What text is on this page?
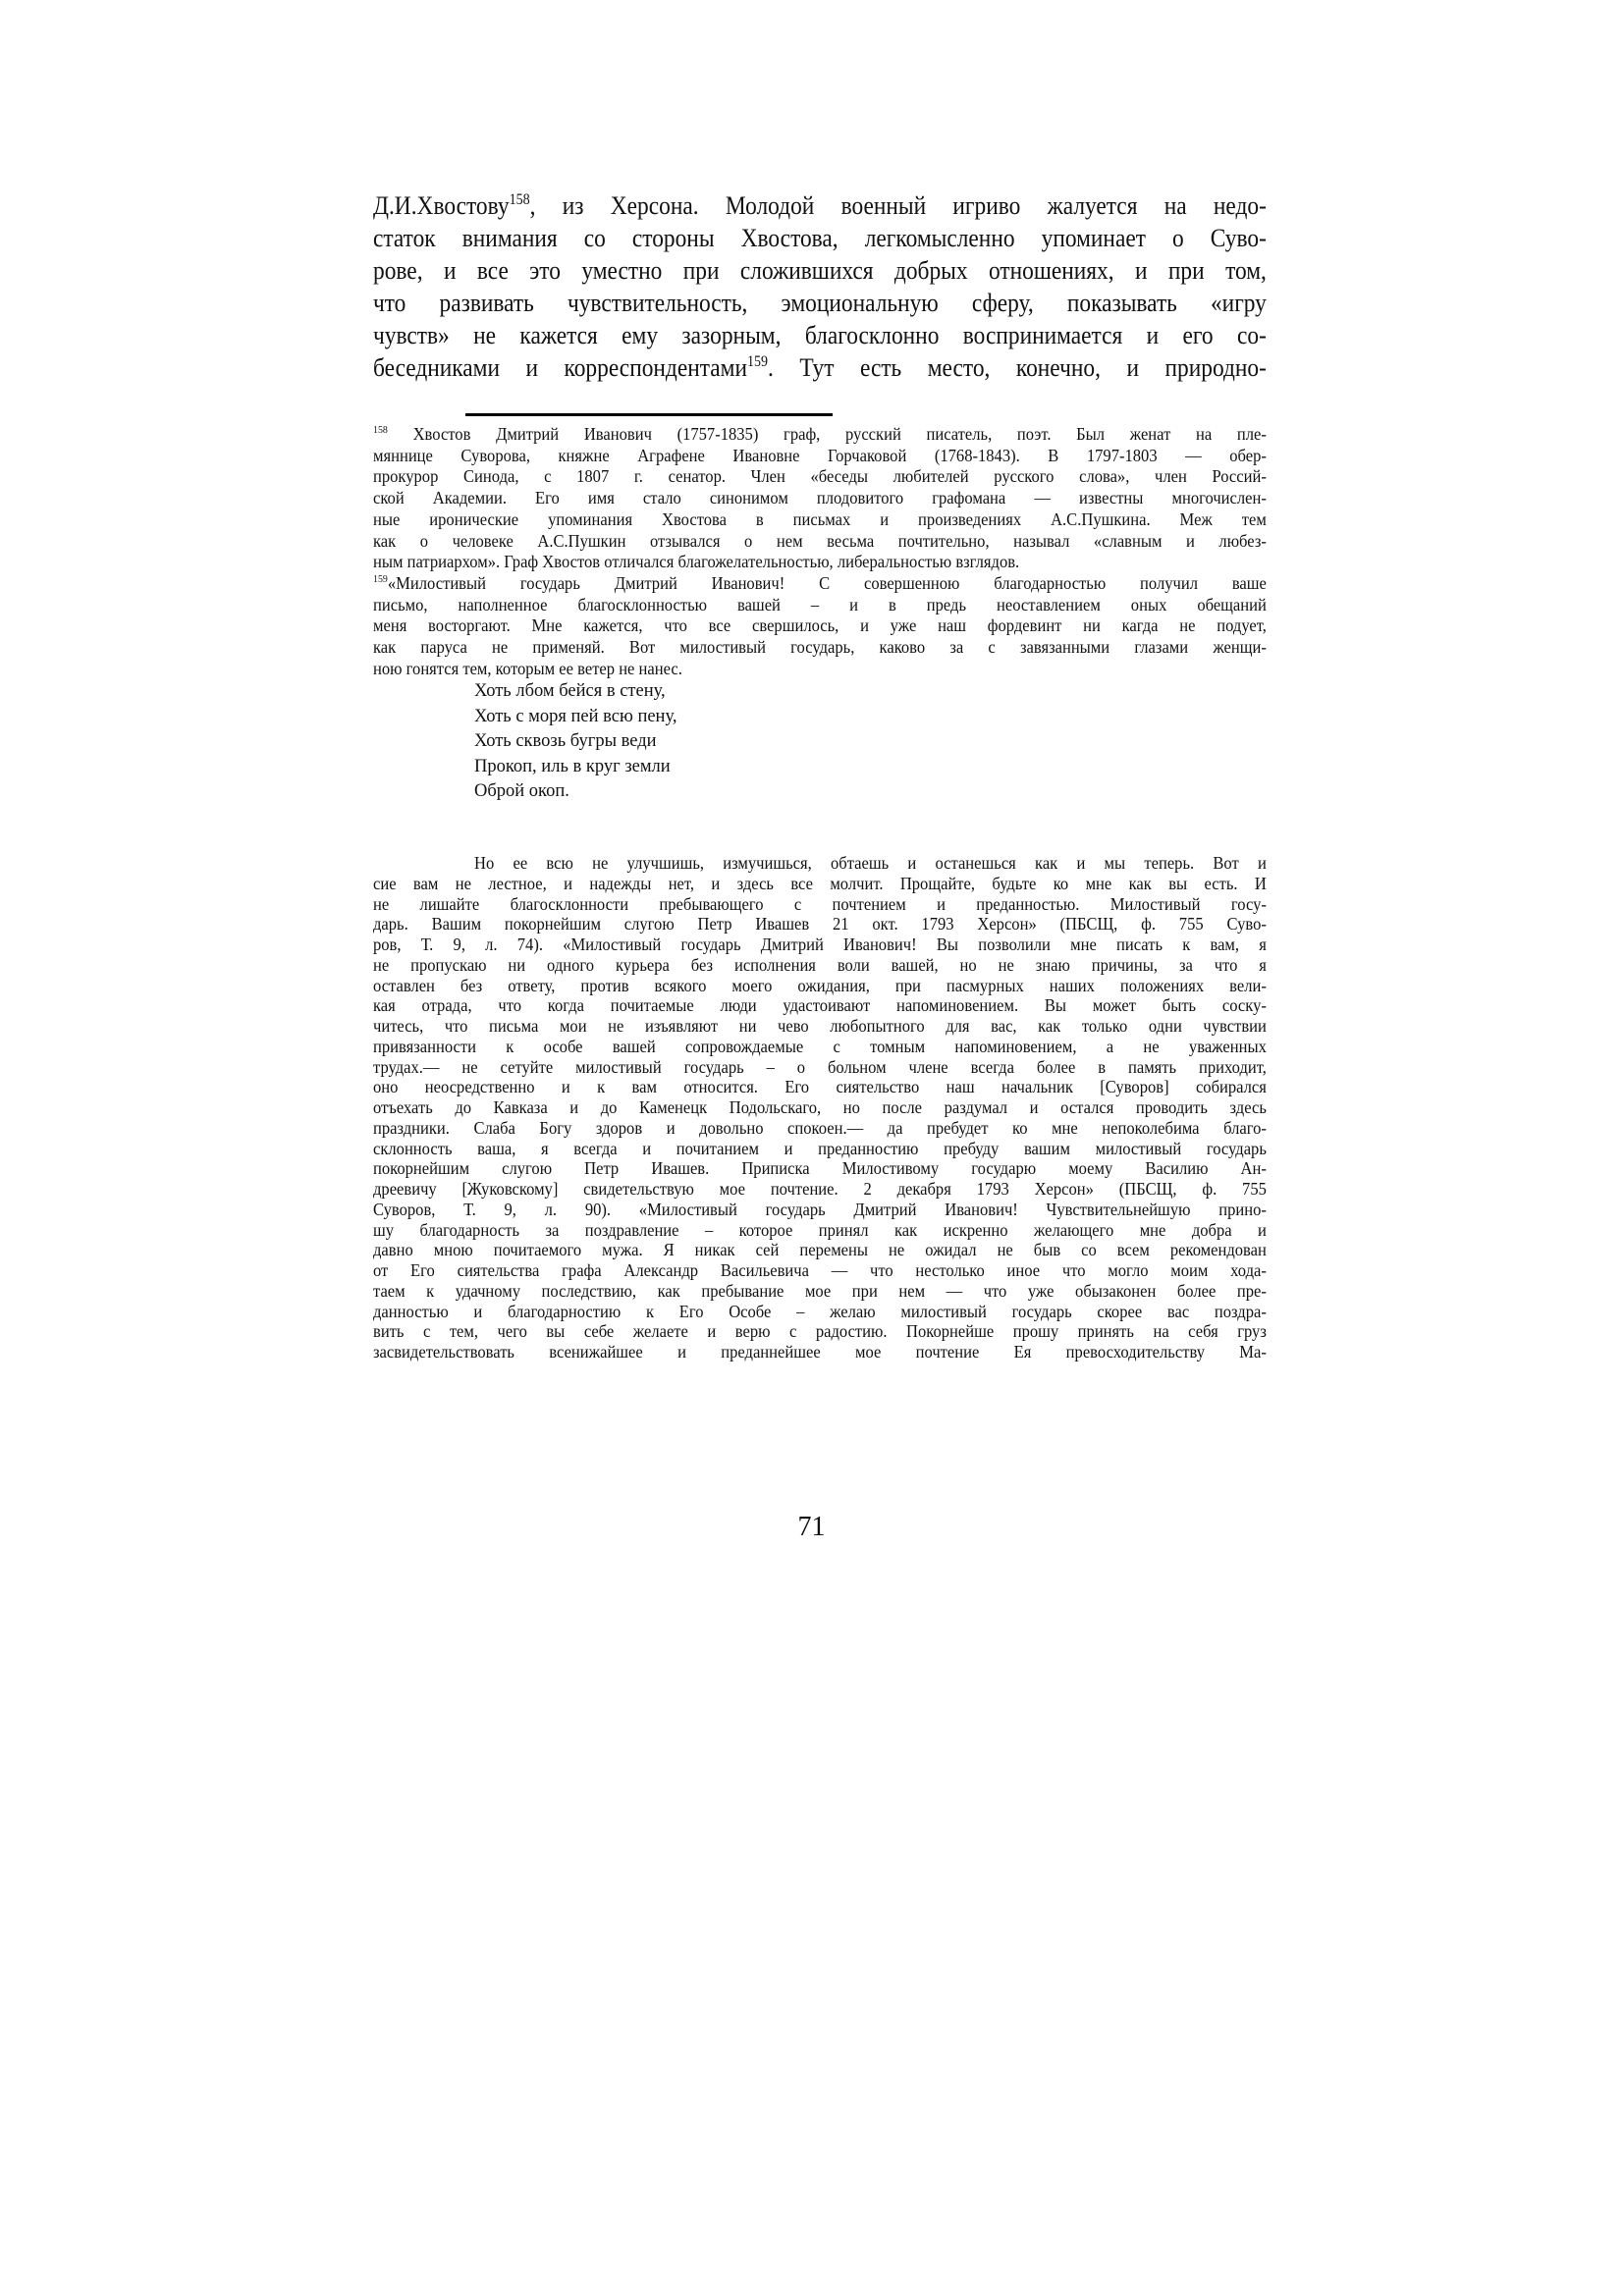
Д.И.Хвостову$^{158}$, из Херсона. Молодой военный игриво жалуется на недо-
статок внимания со стороны Хвостова, легкомысленно упоминает о Суво-
рове, и все это уместно при сложившихся добрых отношениях, и при том,
что развивать чувствительность, эмоциональную сферу, показывать «игру
чувств» не кажется ему зазорным, благосклонно воспринимается и его со-
беседниками и корреспондентами$^{159}$. Тут есть место, конечно, и природно-
$^{158}$ Хвостов Дмитрий Иванович (1757-1835) граф, русский писатель, поэт. Был женат на пле-
мяннице Суворова, княжне Аграфене Ивановне Горчаковой (1768-1843). В 1797-1803 — обер-
прокурор Синода, с 1807 г. сенатор. Член «беседы любителей русского слова», член Россий-
ской Академии. Его имя стало синонимом плодовитого графомана — известны многочислен-
ные иронические упоминания Хвостова в письмах и произведениях А.С.Пушкина. Меж тем
как о человеке А.С.Пушкин отзывался о нем весьма почтительно, называл «славным и любез-
ным патриархом». Граф Хвостов отличался благожелательностью, либеральностью взглядов.
$^{159}$«Милостивый государь Дмитрий Иванович! С совершенною благодарностью получил ваше
письмо, наполненное благосклонностью вашей – и в предь неоставлением оных обещаний
меня восторгают. Мне кажется, что все свершилось, и уже наш фордевинт ни кагда не подует,
как паруса не применяй. Вот милостивый государь, каково за с завязанными глазами женщи-
ною гонятся тем, которым ее ветер не нанес.
Хоть лбом бейся в стену,
Хоть с моря пей всю пену,
Хоть сквозь бугры веди
Прокоп, иль в круг земли
Оброй окоп.
Но ее всю не улучшишь, измучишься, обтаешь и останешься как и мы теперь. Вот и
сие вам не лестное, и надежды нет, и здесь все молчит. Прощайте, будьте ко мне как вы есть. И
не лишайте благосклонности пребывающего с почтением и преданностью. Милостивый госу-
дарь. Вашим покорнейшим слугою Петр Ивашев 21 окт. 1793 Херсон» (ПБСЩ, ф. 755 Суво-
ров, Т. 9, л. 74). «Милостивый государь Дмитрий Иванович! Вы позволили мне писать к вам, я
не пропускаю ни одного курьера без исполнения воли вашей, но не знаю причины, за что я
оставлен без ответу, против всякого моего ожидания, при пасмурных наших положениях вели-
кая отрада, что когда почитаемые люди удастоивают напоминовением. Вы может быть соску-
читесь, что письма мои не изъявляют ни чево любопытного для вас, как только одни чувствии
привязанности к особе вашей сопровождаемые с томным напоминовением, а не уваженных
трудах.— не сетуйте милостивый государь – о больном члене всегда более в память приходит,
оно неосредственно и к вам относится. Его сиятельство наш начальник [Суворов] собирался
отъехать до Кавказа и до Каменецк Подольскаго, но после раздумал и остался проводить здесь
праздники. Слаба Богу здоров и довольно спокоен.— да пребудет ко мне непоколебима благо-
склонность ваша, я всегда и почитанием и преданностию пребуду вашим милостивый государь
покорнейшим слугою Петр Ивашев. Приписка Милостивому государю моему Василию Ан-
дреевичу [Жуковскому] свидетельствую мое почтение. 2 декабря 1793 Херсон» (ПБСЩ, ф. 755
Суворов, Т. 9, л. 90). «Милостивый государь Дмитрий Иванович! Чувствительнейшую прино-
шу благодарность за поздравление – которое принял как искренно желающего мне добра и
давно мною почитаемого мужа. Я никак сей перемены не ожидал не быв со всем рекомендован
от Его сиятельства графа Александр Васильевича — что нестолько иное что могло моим хода-
таем к удачному последствию, как пребывание мое при нем — что уже обызаконен более пре-
данностью и благодарностию к Его Особе – желаю милостивый государь скорее вас поздра-
вить с тем, чего вы себе желаете и верю с радостию. Покорнейше прошу принять на себя груз
засвидетельствовать всенижайшее и преданнейшее мое почтение Ея превосходительству Ма-
71
